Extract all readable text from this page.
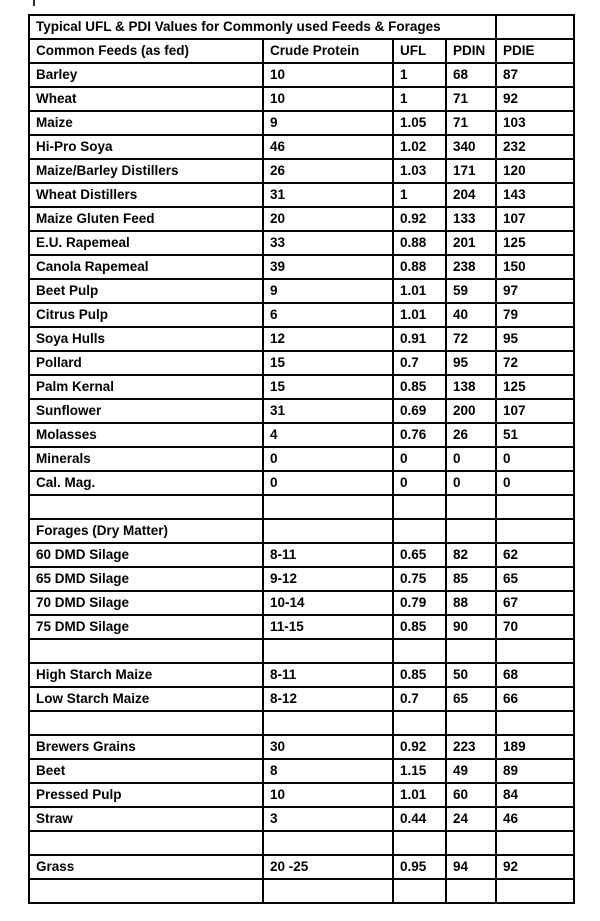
Typical UFL & PDI Values for Commonly used Feeds & Forages				
Common Feeds (as fed)	Crude Protein	UFL	PDIN	PDIE
Barley	10	1	68	87
Wheat	10	1	71	92
Maize	9	1.05	71	103
Hi-Pro Soya	46	1.02	340	232
Maize/Barley Distillers	26	1.03	171	120
Wheat Distillers	31	1	204	143
Maize Gluten Feed	20	0.92	133	107
E.U. Rapemeal	33	0.88	201	125
Canola Rapemeal	39	0.88	238	150
Beet Pulp	9	1.01	59	97
Citrus Pulp	6	1.01	40	79
Soya Hulls	12	0.91	72	95
Pollard	15	0.7	95	72
Palm Kernal	15	0.85	138	125
Sunflower	31	0.69	200	107
Molasses	4	0.76	26	51
Minerals	0	0	0	0
Cal. Mag.	0	0	0	0

Forages (Dry Matter)				
60 DMD Silage	8-11	0.65	82	62
65 DMD Silage	9-12	0.75	85	65
70 DMD Silage	10-14	0.79	88	67
75 DMD Silage	11-15	0.85	90	70

High Starch Maize	8-11	0.85	50	68
Low Starch Maize	8-12	0.7	65	66

Brewers Grains	30	0.92	223	189
Beet	8	1.15	49	89
Pressed Pulp	10	1.01	60	84
Straw	3	0.44	24	46

Grass	20 -25	0.95	94	92
